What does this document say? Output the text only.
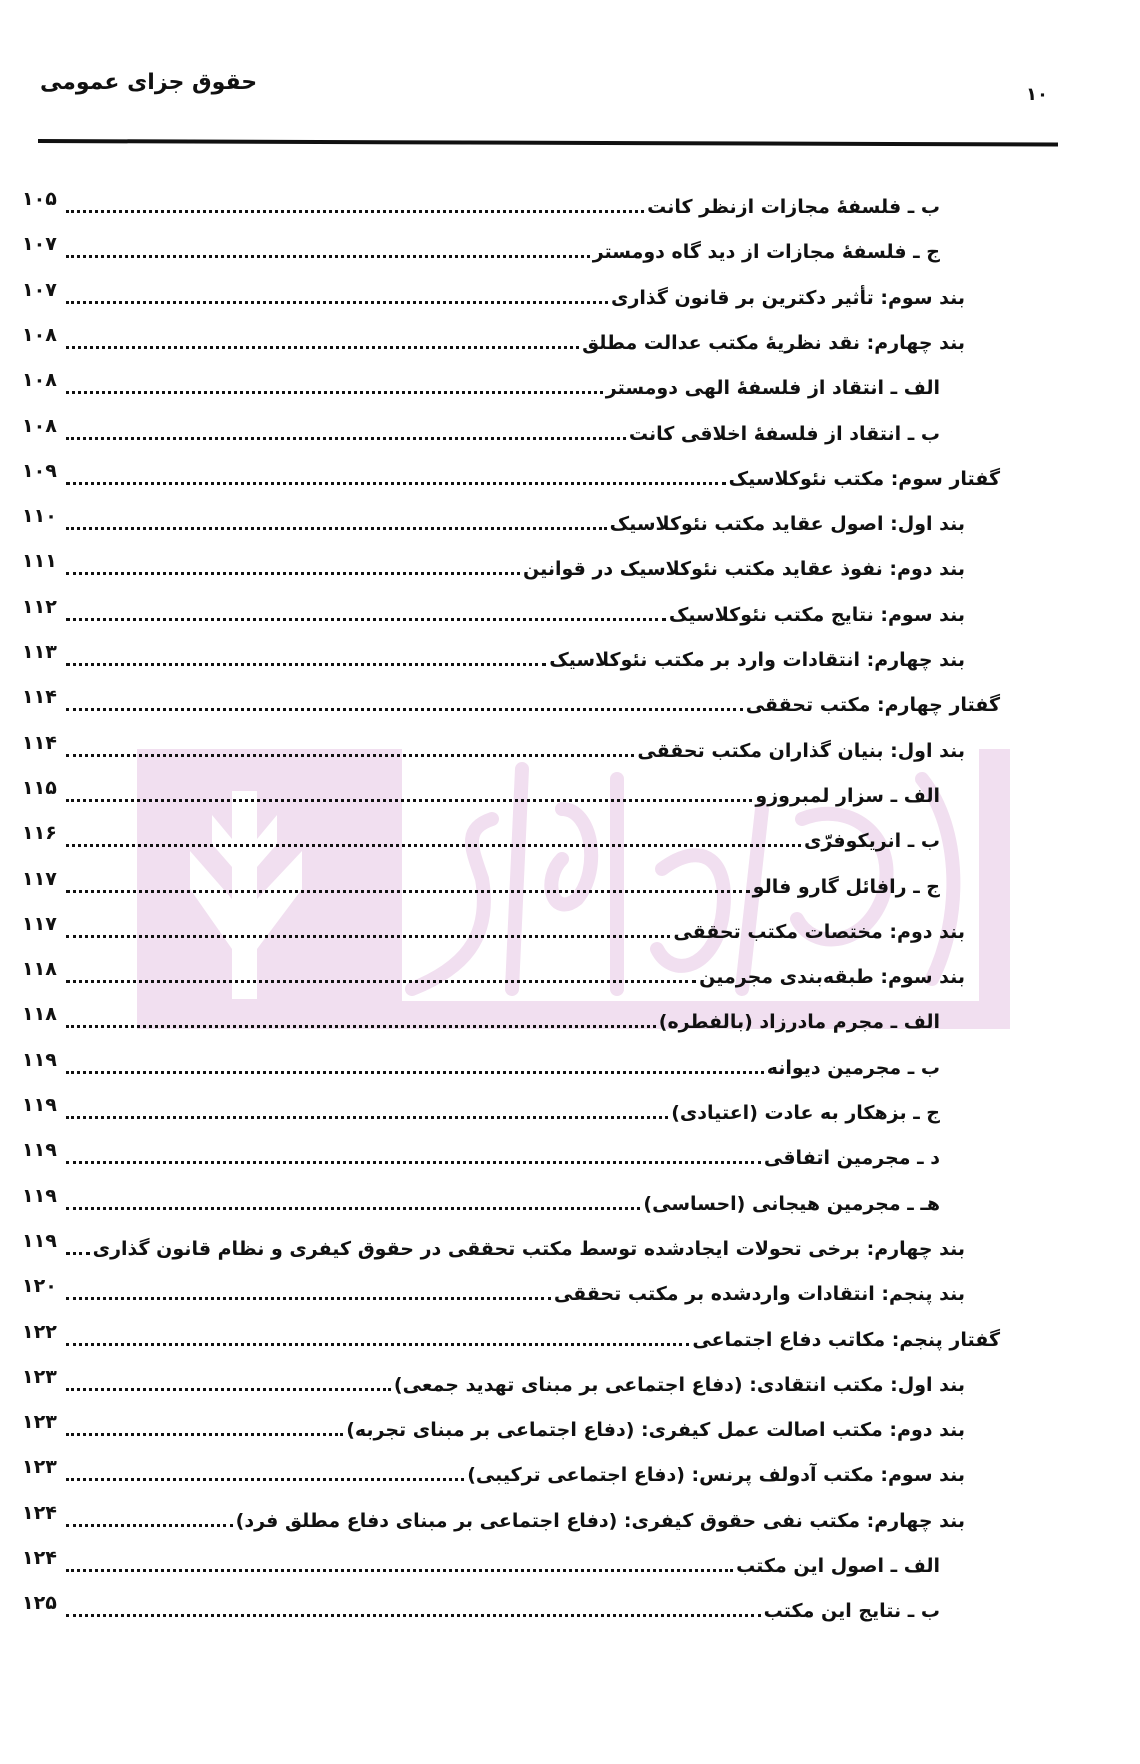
حقوق جزای عمومی	۱۰
۱۰۵	ب ـ فلسفهٔ مجازات ازنظر کانت
۱۰۷	ج ـ فلسفهٔ مجازات از دید گاه دومستر
۱۰۷	بند سوم: تأثیر دکترین بر قانون گذاری
۱۰۸	بند چهارم: نقد نظریهٔ مکتب عدالت مطلق
۱۰۸	الف ـ انتقاد از فلسفهٔ الهی دومستر
۱۰۸	ب ـ انتقاد از فلسفهٔ اخلاقی کانت
۱۰۹	گفتار سوم: مکتب نئوکلاسیک
۱۱۰	بند اول: اصول عقاید مکتب نئوکلاسیک
۱۱۱	بند دوم: نفوذ عقاید مکتب نئوکلاسیک در قوانین
۱۱۲	بند سوم: نتایج مکتب نئوکلاسیک
۱۱۳	بند چهارم: انتقادات وارد بر مکتب نئوکلاسیک
۱۱۴	گفتار چهارم: مکتب تحققی
۱۱۴	بند اول: بنیان گذاران مکتب تحققی
۱۱۵	الف ـ سزار لمبروزو
۱۱۶	ب ـ انریکوفرّی
۱۱۷	ج ـ رافائل گارو فالو
۱۱۷	بند دوم: مختصات مکتب تحققی
۱۱۸	بند سوم: طبقه‌بندی مجرمین
۱۱۸	الف ـ مجرم مادرزاد (بالفطره)
۱۱۹	ب ـ مجرمین دیوانه
۱۱۹	ج ـ بزهکار به عادت (اعتیادی)
۱۱۹	د ـ مجرمین اتفاقی
۱۱۹	هـ ـ مجرمین هیجانی (احساسی)
۱۱۹	بند چهارم: برخی تحولات ایجادشده توسط مکتب تحققی در حقوق کیفری و نظام قانون گذاری
۱۲۰	بند پنجم: انتقادات واردشده بر مکتب تحققی
۱۲۲	گفتار پنجم: مکاتب دفاع اجتماعی
۱۲۳	بند اول: مکتب انتقادی: (دفاع اجتماعی بر مبنای تهدید جمعی)
۱۲۳	بند دوم: مکتب اصالت عمل کیفری: (دفاع اجتماعی بر مبنای تجربه)
۱۲۳	بند سوم: مکتب آدولف پرنس: (دفاع اجتماعی ترکیبی)
۱۲۴	بند چهارم: مکتب نفی حقوق کیفری: (دفاع اجتماعی بر مبنای دفاع مطلق فرد)
۱۲۴	الف ـ اصول این مکتب
۱۲۵	ب ـ نتایج این مکتب
